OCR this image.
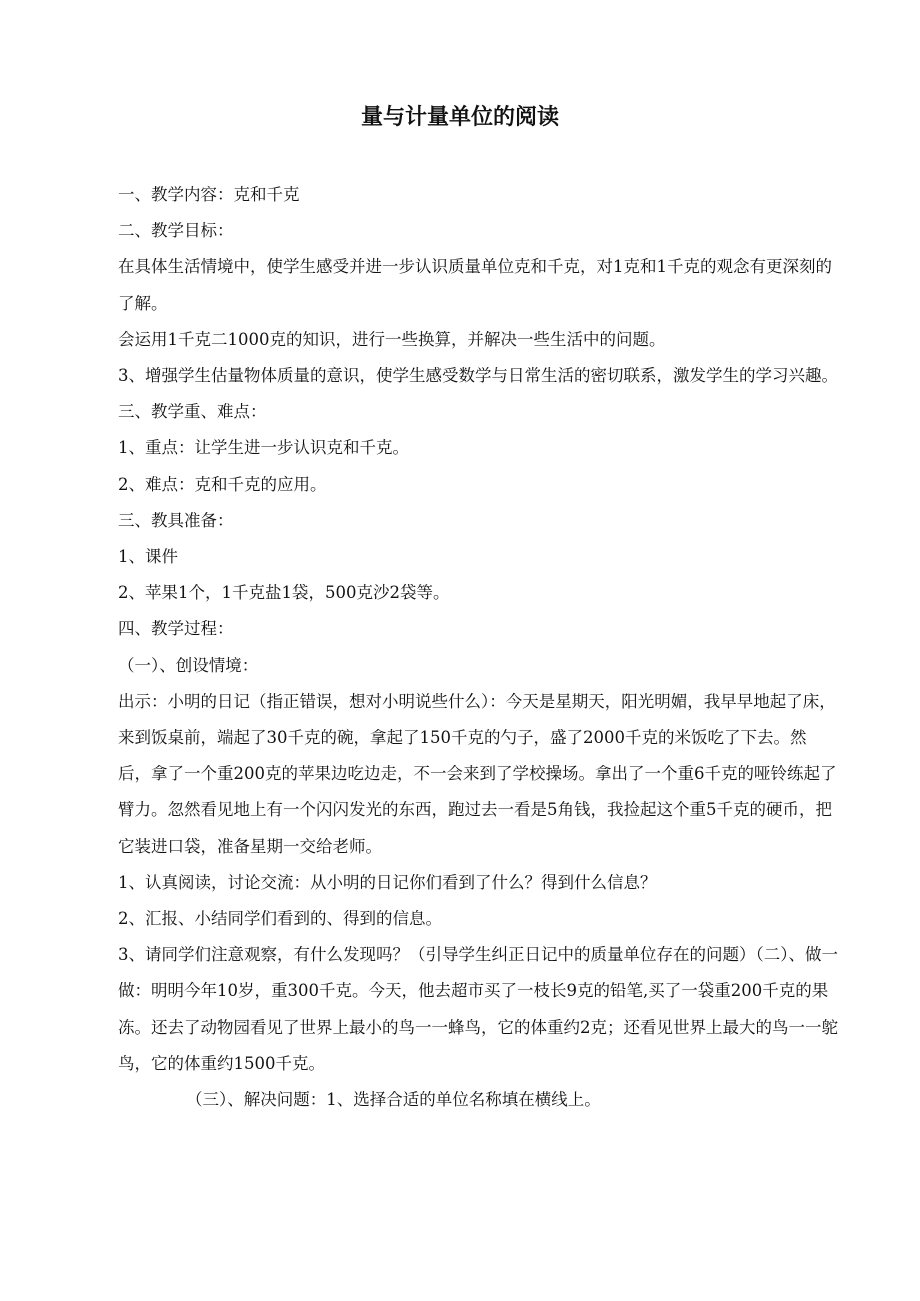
量与计量单位的阅读

一、教学内容：克和千克

二、教学目标：

在具体生活情境中，使学生感受并进一步认识质量单位克和千克，对1克和1千克的观念有更深刻的了解。

会运用1千克二1000克的知识，进行一些换算，并解决一些生活中的问题。

3、增强学生估量物体质量的意识，使学生感受数学与日常生活的密切联系，激发学生的学习兴趣。

三、教学重、难点：

1、重点：让学生进一步认识克和千克。

2、难点：克和千克的应用。

三、教具准备：

1、课件

2、苹果1个，1千克盐1袋，500克沙2袋等。

四、教学过程：

（一）、创设情境：

出示：小明的日记（指正错误，想对小明说些什么）：今天是星期天，阳光明媚，我早早地起了床，来到饭桌前，端起了30千克的碗，拿起了150千克的勺子，盛了2000千克的米饭吃了下去。然后，拿了一个重200克的苹果边吃边走，不一会来到了学校操场。拿出了一个重6千克的哑铃练起了臂力。忽然看见地上有一个闪闪发光的东西，跑过去一看是5角钱，我捡起这个重5千克的硬币，把它装进口袋，准备星期一交给老师。

1、认真阅读，讨论交流：从小明的日记你们看到了什么？得到什么信息？

2、汇报、小结同学们看到的、得到的信息。

3、请同学们注意观察，有什么发现吗？（引导学生纠正日记中的质量单位存在的问题）（二）、做一做：明明今年10岁，重300千克。今天，他去超市买了一枝长9克的铅笔,买了一袋重200千克的果冻。还去了动物园看见了世界上最小的鸟一一蜂鸟，它的体重约2克；还看见世界上最大的鸟一一鸵鸟，它的体重约1500千克。

（三）、解决问题：1、选择合适的单位名称填在横线上。
